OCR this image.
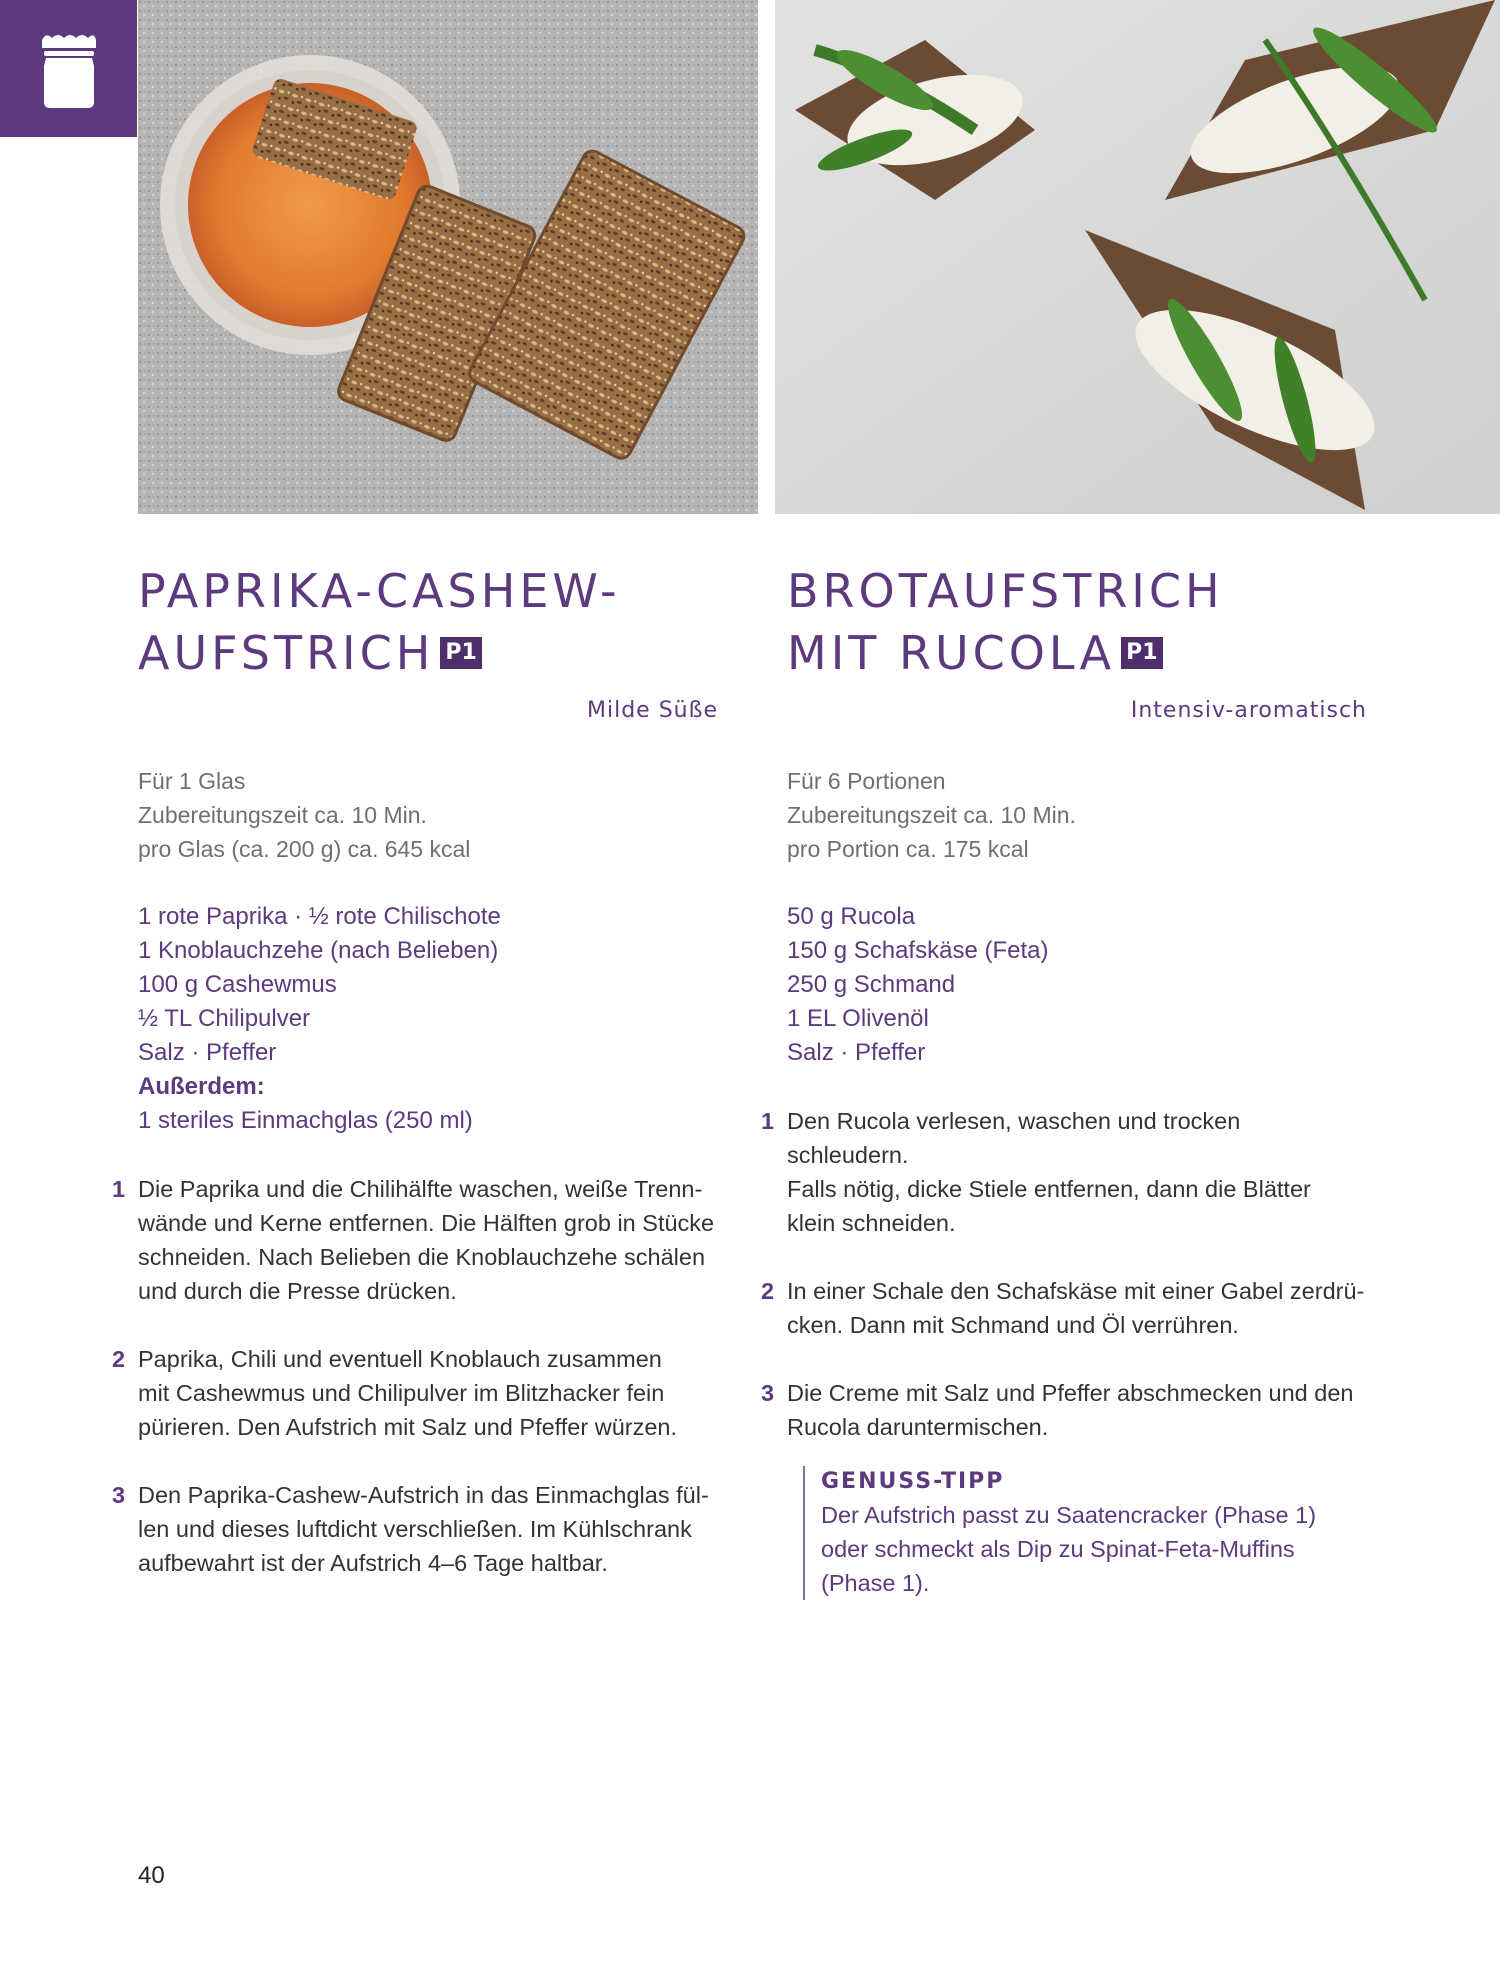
PAPRIKA-CASHEW-
AUFSTRICH P1
Milde Süße
Für 1 Glas
Zubereitungszeit ca. 10 Min.
pro Glas (ca. 200 g) ca. 645 kcal
1 rote Paprika · ½ rote Chilischote
1 Knoblauchzehe (nach Belieben)
100 g Cashewmus
½ TL Chilipulver
Salz · Pfeffer
Außerdem:
1 steriles Einmachglas (250 ml)
1 Die Paprika und die Chilihälfte waschen, weiße Trenn-
wände und Kerne entfernen. Die Hälften grob in Stücke
schneiden. Nach Belieben die Knoblauchzehe schälen
und durch die Presse drücken.
2 Paprika, Chili und eventuell Knoblauch zusammen
mit Cashewmus und Chilipulver im Blitzhacker fein
pürieren. Den Aufstrich mit Salz und Pfeffer würzen.
3 Den Paprika-Cashew-Aufstrich in das Einmachglas fül-
len und dieses luftdicht verschließen. Im Kühlschrank
aufbewahrt ist der Aufstrich 4–6 Tage haltbar.
BROTAUFSTRICH
MIT RUCOLA P1
Intensiv-aromatisch
Für 6 Portionen
Zubereitungszeit ca. 10 Min.
pro Portion ca. 175 kcal
50 g Rucola
150 g Schafskäse (Feta)
250 g Schmand
1 EL Olivenöl
Salz · Pfeffer
1 Den Rucola verlesen, waschen und trocken schleudern.
Falls nötig, dicke Stiele entfernen, dann die Blätter
klein schneiden.
2 In einer Schale den Schafskäse mit einer Gabel zerdrü-
cken. Dann mit Schmand und Öl verrühren.
3 Die Creme mit Salz und Pfeffer abschmecken und den
Rucola daruntermischen.
GENUSS-TIPP
Der Aufstrich passt zu Saatencracker (Phase 1)
oder schmeckt als Dip zu Spinat-Feta-Muffins
(Phase 1).
40
